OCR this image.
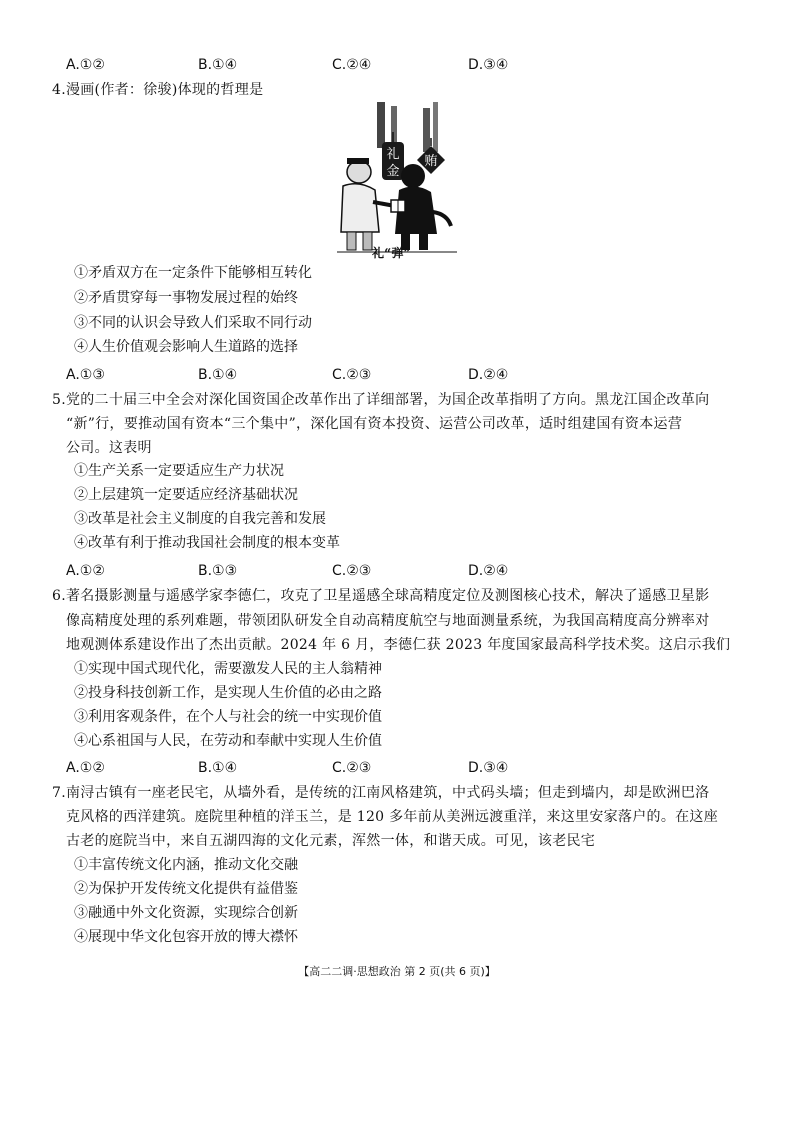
A.①②	B.①④	C.②④	D.③④
4.漫画(作者：徐骏)体现的哲理是
礼
金
贿
礼“弹”
①矛盾双方在一定条件下能够相互转化
②矛盾贯穿每一事物发展过程的始终
③不同的认识会导致人们采取不同行动
④人生价值观会影响人生道路的选择
A.①③	B.①④	C.②③	D.②④
5.党的二十届三中全会对深化国资国企改革作出了详细部署，为国企改革指明了方向。黑龙江国企改革向
“新”行，要推动国有资本“三个集中”，深化国有资本投资、运营公司改革，适时组建国有资本运营
公司。这表明
①生产关系一定要适应生产力状况
②上层建筑一定要适应经济基础状况
③改革是社会主义制度的自我完善和发展
④改革有利于推动我国社会制度的根本变革
A.①②	B.①③	C.②③	D.②④
6.著名摄影测量与遥感学家李德仁，攻克了卫星遥感全球高精度定位及测图核心技术，解决了遥感卫星影
像高精度处理的系列难题，带领团队研发全自动高精度航空与地面测量系统，为我国高精度高分辨率对
地观测体系建设作出了杰出贡献。2024 年 6 月，李德仁获 2023 年度国家最高科学技术奖。这启示我们
①实现中国式现代化，需要激发人民的主人翁精神
②投身科技创新工作，是实现人生价值的必由之路
③利用客观条件，在个人与社会的统一中实现价值
④心系祖国与人民，在劳动和奉献中实现人生价值
A.①②	B.①④	C.②③	D.③④
7.南浔古镇有一座老民宅，从墙外看，是传统的江南风格建筑，中式码头墙；但走到墙内，却是欧洲巴洛
克风格的西洋建筑。庭院里种植的洋玉兰，是 120 多年前从美洲远渡重洋，来这里安家落户的。在这座
古老的庭院当中，来自五湖四海的文化元素，浑然一体，和谐天成。可见，该老民宅
①丰富传统文化内涵，推动文化交融
②为保护开发传统文化提供有益借鉴
③融通中外文化资源，实现综合创新
④展现中华文化包容开放的博大襟怀
【高二二调·思想政治 第 2 页(共 6 页)】
